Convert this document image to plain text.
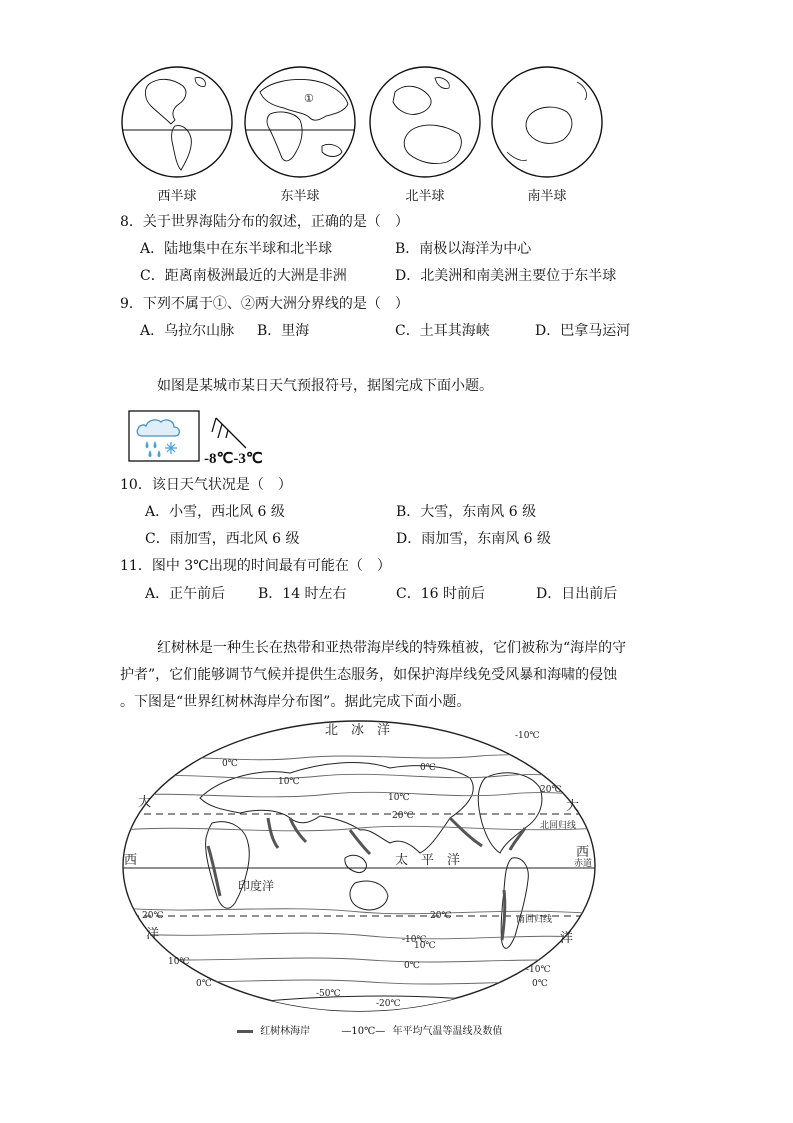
①
西半球	东半球	北半球	南半球
8．关于世界海陆分布的叙述，正确的是（　）
A．陆地集中在东半球和北半球	B．南极以海洋为中心
C．距离南极洲最近的大洲是非洲	D．北美洲和南美洲主要位于东半球
9．下列不属于①、②两大洲分界线的是（　）
A．乌拉尔山脉 B．里海	C．土耳其海峡	D．巴拿马运河
如图是某城市某日天气预报符号，据图完成下面小题。
-8℃-3℃
10．该日天气状况是（　）
A．小雪，西北风 6 级	B．大雪，东南风 6 级
C．雨加雪，西北风 6 级	D．雨加雪，东南风 6 级
11．图中 3℃出现的时间最有可能在（　）
A．正午前后 B．14 时左右	C．16 时前后	D．日出前后
红树林是一种生长在热带和亚热带海岸线的特殊植被，它们被称为“海岸的守
护者”，它们能够调节气候并提供生态服务，如保护海岸线免受风暴和海啸的侵蚀
。下图是“世界红树林海岸分布图”。据此完成下面小题。
北　冰　洋
太　平　洋
印度洋
大
西
洋
大
西
洋
北回归线
赤道
南回归线
-10℃
0℃	0℃
10℃
20℃
10℃
20℃
20℃
10℃
0℃
-10℃
-50℃
-20℃
-10℃
0℃
20℃
10℃
0℃
红树林海岸	—10℃— 年平均气温等温线及数值
